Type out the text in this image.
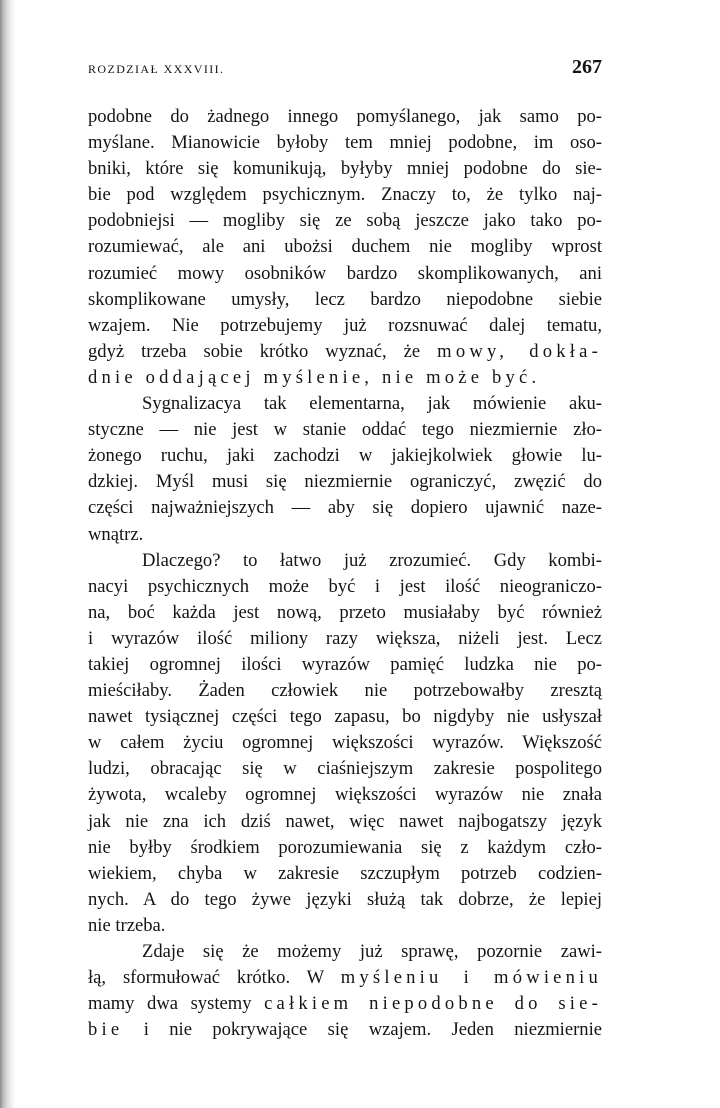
ROZDZIAŁ XXXVIII.	267

podobne do żadnego innego pomyślanego, jak samo po-

myślane. Mianowicie byłoby tem mniej podobne, im oso-

bniki, które się komunikują, byłyby mniej podobne do sie-

bie pod względem psychicznym. Znaczy to, że tylko naj-

podobniejsi — mogliby się ze sobą jeszcze jako tako po-

rozumiewać, ale ani ubożsi duchem nie mogliby wprost

rozumieć mowy osobników bardzo skomplikowanych, ani

skomplikowane umysły, lecz bardzo niepodobne siebie

wzajem. Nie potrzebujemy już rozsnuwać dalej tematu,

gdyż trzeba sobie krótko wyznać, że mowy, dokła-

dnie oddającej myślenie, nie może być.

Sygnalizacya tak elementarna, jak mówienie aku-

styczne — nie jest w stanie oddać tego niezmiernie zło-

żonego ruchu, jaki zachodzi w jakiejkolwiek głowie lu-

dzkiej. Myśl musi się niezmiernie ograniczyć, zwęzić do

części najważniejszych — aby się dopiero ujawnić naze-

wnątrz.

Dlaczego? to łatwo już zrozumieć. Gdy kombi-

nacyi psychicznych może być i jest ilość nieograniczo-

na, boć każda jest nową, przeto musiałaby być również

i wyrazów ilość miliony razy większa, niżeli jest. Lecz

takiej ogromnej ilości wyrazów pamięć ludzka nie po-

mieściłaby. Żaden człowiek nie potrzebowałby zresztą

nawet tysiącznej części tego zapasu, bo nigdyby nie usłyszał

w całem życiu ogromnej większości wyrazów. Większość

ludzi, obracając się w ciaśniejszym zakresie pospolitego

żywota, wcaleby ogromnej większości wyrazów nie znała

jak nie zna ich dziś nawet, więc nawet najbogatszy język

nie byłby środkiem porozumiewania się z każdym czło-

wiekiem, chyba w zakresie szczupłym potrzeb codzien-

nych. A do tego żywe języki służą tak dobrze, że lepiej

nie trzeba.

Zdaje się że możemy już sprawę, pozornie zawi-

łą, sformułować krótko. W myśleniu i mówieniu

mamy dwa systemy całkiem niepodobne do sie-

bie i nie pokrywające się wzajem. Jeden niezmiernie
